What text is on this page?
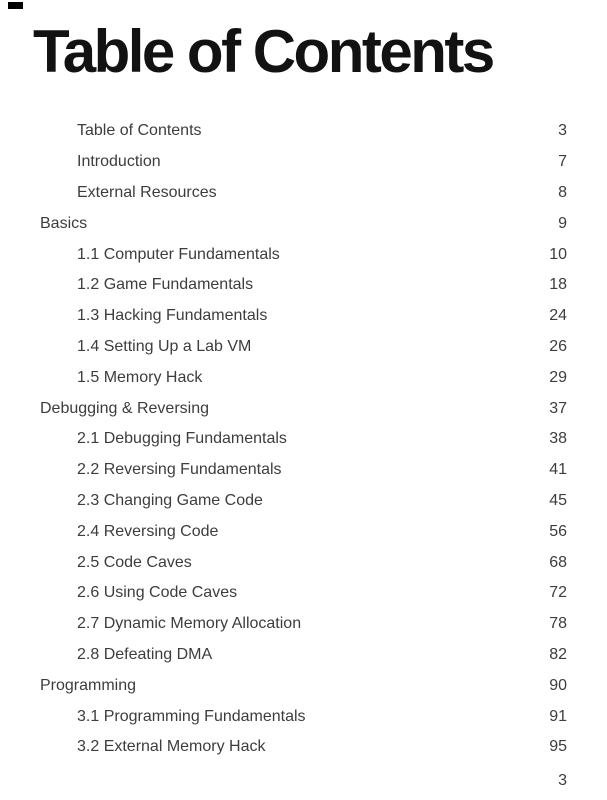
Table of Contents
Table of Contents	3
Introduction	7
External Resources	8
Basics	9
1.1 Computer Fundamentals	10
1.2 Game Fundamentals	18
1.3 Hacking Fundamentals	24
1.4 Setting Up a Lab VM	26
1.5 Memory Hack	29
Debugging & Reversing	37
2.1 Debugging Fundamentals	38
2.2 Reversing Fundamentals	41
2.3 Changing Game Code	45
2.4 Reversing Code	56
2.5 Code Caves	68
2.6 Using Code Caves	72
2.7 Dynamic Memory Allocation	78
2.8 Defeating DMA	82
Programming	90
3.1 Programming Fundamentals	91
3.2 External Memory Hack	95
3
